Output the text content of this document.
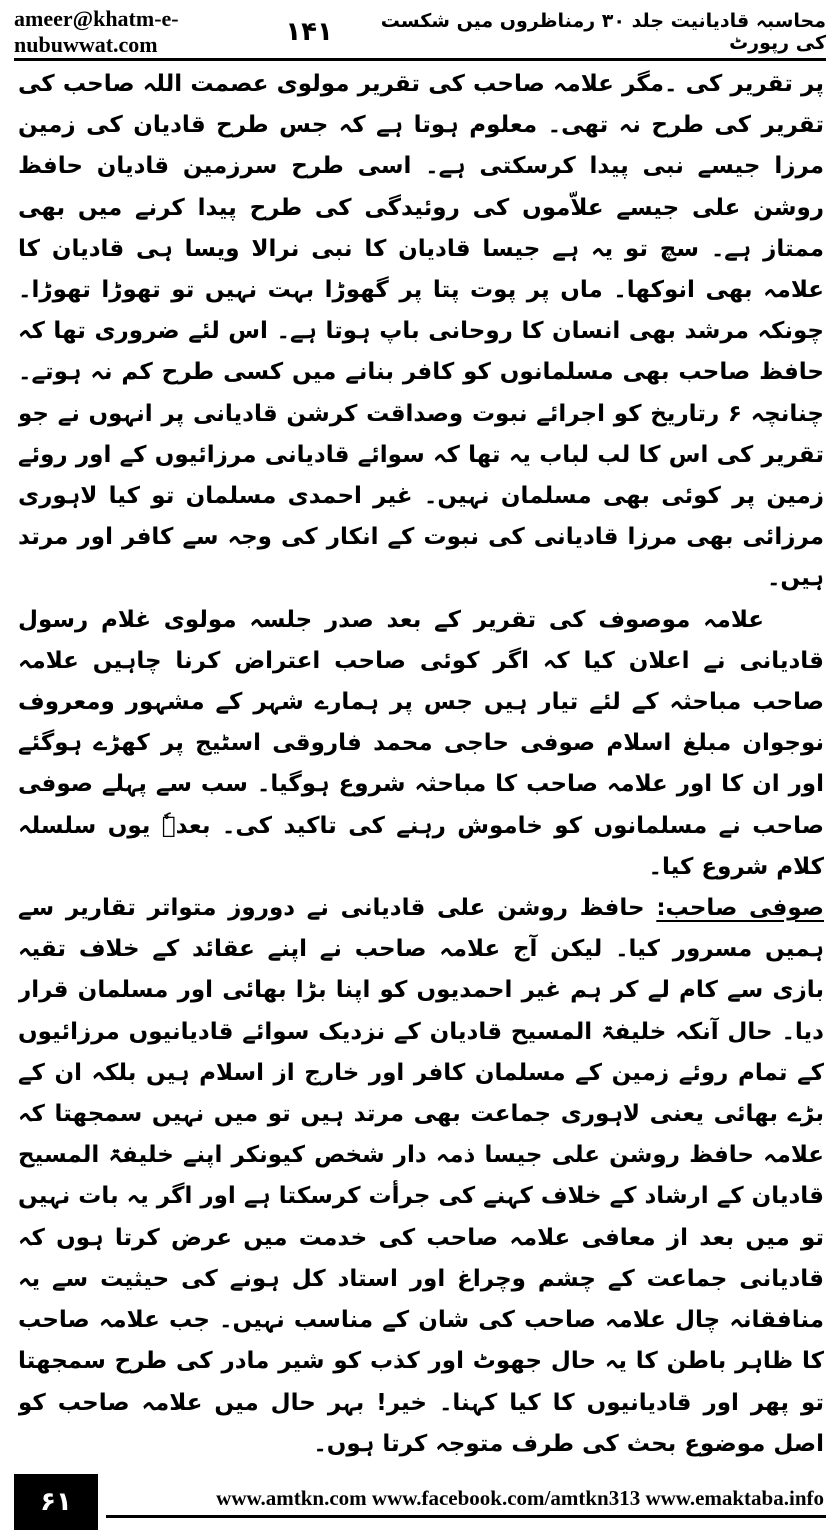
ameer@khatm-e-nubuwwat.com
محاسبہ قادیانیت جلد ۳۰ رمناظروں میں شکست کی رپورٹ
۱۴۱

پر تقریر کی ۔مگر علامہ صاحب کی تقریر مولوی عصمت اللہ صاحب کی تقریر کی طرح نہ تھی۔ معلوم ہوتا ہے کہ جس طرح قادیان کی زمین مرزا جیسے نبی پیدا کرسکتی ہے۔ اسی طرح سرزمین قادیان حافظ روشن علی جیسے علاّموں کی روئیدگی کی طرح پیدا کرنے میں بھی ممتاز ہے۔ سچ تو یہ ہے جیسا قادیان کا نبی نرالا ویسا ہی قادیان کا علامہ بھی انوکھا۔ ماں پر پوت پتا پر گھوڑا بہت نہیں تو تھوڑا تھوڑا۔ چونکہ مرشد بھی انسان کا روحانی باپ ہوتا ہے۔ اس لئے ضروری تھا کہ حافظ صاحب بھی مسلمانوں کو کافر بنانے میں کسی طرح کم نہ ہوتے۔ چنانچہ ۶ رتاریخ کو اجرائے نبوت وصداقت کرشن قادیانی پر انہوں نے جو تقریر کی اس کا لب لباب یہ تھا کہ سوائے قادیانی مرزائیوں کے اور روئے زمین پر کوئی بھی مسلمان نہیں۔ غیر احمدی مسلمان تو کیا لاہوری مرزائی بھی مرزا قادیانی کی نبوت کے انکار کی وجہ سے کافر اور مرتد ہیں۔

علامہ موصوف کی تقریر کے بعد صدر جلسہ مولوی غلام رسول قادیانی نے اعلان کیا کہ اگر کوئی صاحب اعتراض کرنا چاہیں علامہ صاحب مباحثہ کے لئے تیار ہیں جس پر ہمارے شہر کے مشہور ومعروف نوجوان مبلغ اسلام صوفی حاجی محمد فاروقی اسٹیج پر کھڑے ہوگئے اور ان کا اور علامہ صاحب کا مباحثہ شروع ہوگیا۔ سب سے پہلے صوفی صاحب نے مسلمانوں کو خاموش رہنے کی تاکید کی۔ بعدہٗ یوں سلسلہ کلام شروع کیا۔

صوفی صاحب: حافظ روشن علی قادیانی نے دوروز متواتر تقاریر سے ہمیں مسرور کیا۔ لیکن آج علامہ صاحب نے اپنے عقائد کے خلاف تقیہ بازی سے کام لے کر ہم غیر احمدیوں کو اپنا بڑا بھائی اور مسلمان قرار دیا۔ حال آنکہ خلیفۃ المسیح قادیان کے نزدیک سوائے قادیانیوں مرزائیوں کے تمام روئے زمین کے مسلمان کافر اور خارج از اسلام ہیں بلکہ ان کے بڑے بھائی یعنی لاہوری جماعت بھی مرتد ہیں تو میں نہیں سمجھتا کہ علامہ حافظ روشن علی جیسا ذمہ دار شخص کیونکر اپنے خلیفۃ المسیح قادیان کے ارشاد کے خلاف کہنے کی جرأت کرسکتا ہے اور اگر یہ بات نہیں تو میں بعد از معافی علامہ صاحب کی خدمت میں عرض کرتا ہوں کہ قادیانی جماعت کے چشم وچراغ اور استاد کل ہونے کی حیثیت سے یہ منافقانہ چال علامہ صاحب کی شان کے مناسب نہیں۔ جب علامہ صاحب کا ظاہر باطن کا یہ حال جھوٹ اور کذب کو شیر مادر کی طرح سمجھتا تو پھر اور قادیانیوں کا کیا کہنا۔ خیر! بہر حال میں علامہ صاحب کو اصل موضوع بحث کی طرف متوجہ کرتا ہوں۔

۶۱	www.amtkn.com www.facebook.com/amtkn313 www.emaktaba.info
